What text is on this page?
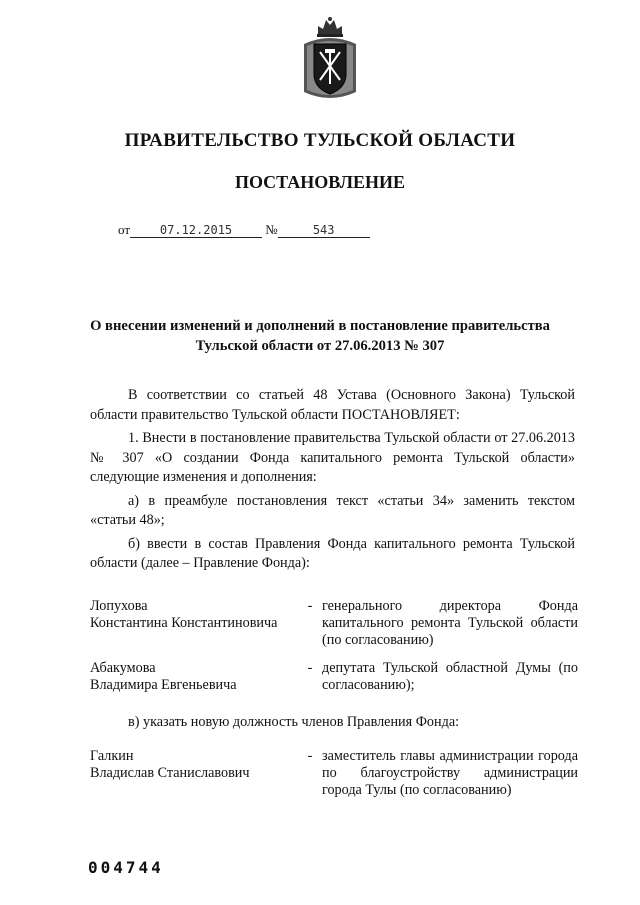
ПРАВИТЕЛЬСТВО ТУЛЬСКОЙ ОБЛАСТИ
ПОСТАНОВЛЕНИЕ
от 07.12.2015	№	543
О внесении изменений и дополнений в постановление правительства
Тульской области от 27.06.2013 № 307

В соответствии со статьей 48 Устава (Основного Закона) Тульской области правительство Тульской области ПОСТАНОВЛЯЕТ:

1. Внести в постановление правительства Тульской области от 27.06.2013 № 307 «О создании Фонда капитального ремонта Тульской области» следующие изменения и дополнения:

а) в преамбуле постановления текст «статьи 34» заменить текстом «статьи 48»;

б) ввести в состав Правления Фонда капитального ремонта Тульской области (далее – Правление Фонда):

Лопухова
Константина Константиновича
- генерального директора Фонда капитального ремонта Тульской области (по согласованию)
Абакумова
Владимира Евгеньевича
- депутата Тульской областной Думы (по согласованию);
в) указать новую должность членов Правления Фонда:
Галкин
Владислав Станиславович
- заместитель главы администрации города по благоустройству администрации города Тулы (по согласованию)
004744
